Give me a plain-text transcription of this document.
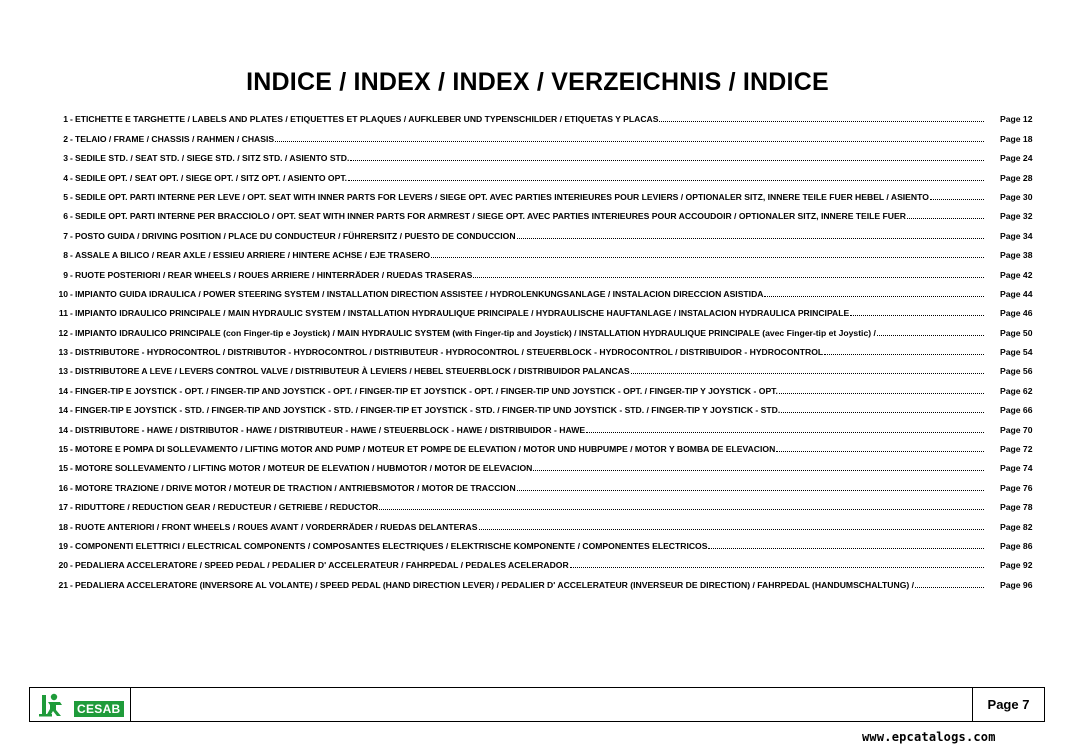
INDICE / INDEX / INDEX / VERZEICHNIS / INDICE
1 - ETICHETTE E TARGHETTE / LABELS AND PLATES / ETIQUETTES ET PLAQUES / AUFKLEBER UND TYPENSCHILDER / ETIQUETAS Y PLACAS	Page 12
2 - TELAIO / FRAME / CHASSIS / RAHMEN / CHASIS	Page 18
3 - SEDILE STD. / SEAT STD. / SIEGE STD. / SITZ STD. / ASIENTO STD.	Page 24
4 - SEDILE OPT. / SEAT OPT. / SIEGE OPT. / SITZ OPT. / ASIENTO OPT.	Page 28
5 - SEDILE OPT. PARTI INTERNE PER LEVE / OPT. SEAT WITH INNER PARTS FOR LEVERS / SIEGE OPT. AVEC PARTIES INTERIEURES POUR LEVIERS / OPTIONALER SITZ, INNERE TEILE FUER HEBEL / ASIENTO	Page 30
6 - SEDILE OPT. PARTI INTERNE PER BRACCIOLO / OPT. SEAT WITH INNER PARTS FOR ARMREST / SIEGE OPT. AVEC PARTIES INTERIEURES POUR ACCOUDOIR / OPTIONALER SITZ, INNERE TEILE FUER	Page 32
7 - POSTO GUIDA / DRIVING POSITION / PLACE DU CONDUCTEUR / FÜHRERSITZ / PUESTO DE CONDUCCION	Page 34
8 - ASSALE A BILICO / REAR AXLE / ESSIEU ARRIERE / HINTERE ACHSE / EJE TRASERO	Page 38
9 - RUOTE POSTERIORI / REAR WHEELS / ROUES ARRIERE / HINTERRÄDER / RUEDAS TRASERAS	Page 42
10 - IMPIANTO GUIDA IDRAULICA / POWER STEERING SYSTEM / INSTALLATION DIRECTION ASSISTEE / HYDROLENKUNGSANLAGE / INSTALACION DIRECCION ASISTIDA	Page 44
11 - IMPIANTO IDRAULICO PRINCIPALE / MAIN HYDRAULIC SYSTEM / INSTALLATION HYDRAULIQUE PRINCIPALE / HYDRAULISCHE HAUFTANLAGE / INSTALACION HYDRAULICA PRINCIPALE	Page 46
12 - IMPIANTO IDRAULICO PRINCIPALE (con Finger-tip e Joystick) / MAIN HYDRAULIC SYSTEM (with Finger-tip and Joystick) / INSTALLATION HYDRAULIQUE PRINCIPALE (avec Finger-tip et Joystic) /	Page 50
13 - DISTRIBUTORE - HYDROCONTROL / DISTRIBUTOR - HYDROCONTROL / DISTRIBUTEUR - HYDROCONTROL / STEUERBLOCK - HYDROCONTROL / DISTRIBUIDOR - HYDROCONTROL	Page 54
13 - DISTRIBUTORE A LEVE / LEVERS CONTROL VALVE / DISTRIBUTEUR À LEVIERS / HEBEL STEUERBLOCK / DISTRIBUIDOR PALANCAS	Page 56
14 - FINGER-TIP E JOYSTICK - OPT. / FINGER-TIP AND JOYSTICK - OPT. / FINGER-TIP ET JOYSTICK - OPT. / FINGER-TIP UND JOYSTICK - OPT. / FINGER-TIP Y JOYSTICK - OPT.	Page 62
14 - FINGER-TIP E JOYSTICK - STD. / FINGER-TIP AND JOYSTICK - STD. / FINGER-TIP ET JOYSTICK - STD. / FINGER-TIP UND JOYSTICK - STD. / FINGER-TIP Y JOYSTICK - STD.	Page 66
14 - DISTRIBUTORE - HAWE / DISTRIBUTOR - HAWE / DISTRIBUTEUR - HAWE / STEUERBLOCK - HAWE / DISTRIBUIDOR - HAWE	Page 70
15 - MOTORE E POMPA DI SOLLEVAMENTO / LIFTING MOTOR AND PUMP / MOTEUR ET POMPE DE ELEVATION / MOTOR UND HUBPUMPE / MOTOR Y BOMBA DE ELEVACION	Page 72
15 - MOTORE SOLLEVAMENTO / LIFTING MOTOR / MOTEUR DE ELEVATION / HUBMOTOR / MOTOR DE ELEVACION	Page 74
16 - MOTORE TRAZIONE / DRIVE MOTOR / MOTEUR DE TRACTION / ANTRIEBSMOTOR / MOTOR DE TRACCION	Page 76
17 - RIDUTTORE / REDUCTION GEAR / REDUCTEUR / GETRIEBE / REDUCTOR	Page 78
18 - RUOTE ANTERIORI / FRONT WHEELS / ROUES AVANT / VORDERRÄDER / RUEDAS DELANTERAS	Page 82
19 - COMPONENTI ELETTRICI / ELECTRICAL COMPONENTS / COMPOSANTES ELECTRIQUES / ELEKTRISCHE KOMPONENTE / COMPONENTES ELECTRICOS	Page 86
20 - PEDALIERA ACCELERATORE / SPEED PEDAL / PEDALIER D' ACCELERATEUR / FAHRPEDAL / PEDALES ACELERADOR	Page 92
21 - PEDALIERA ACCELERATORE (INVERSORE AL VOLANTE) / SPEED PEDAL (HAND DIRECTION LEVER) / PEDALIER D' ACCELERATEUR (INVERSEUR DE DIRECTION) / FAHRPEDAL (HANDUMSCHALTUNG) /	Page 96
CESAB	Page 7
www.epcatalogs.com
